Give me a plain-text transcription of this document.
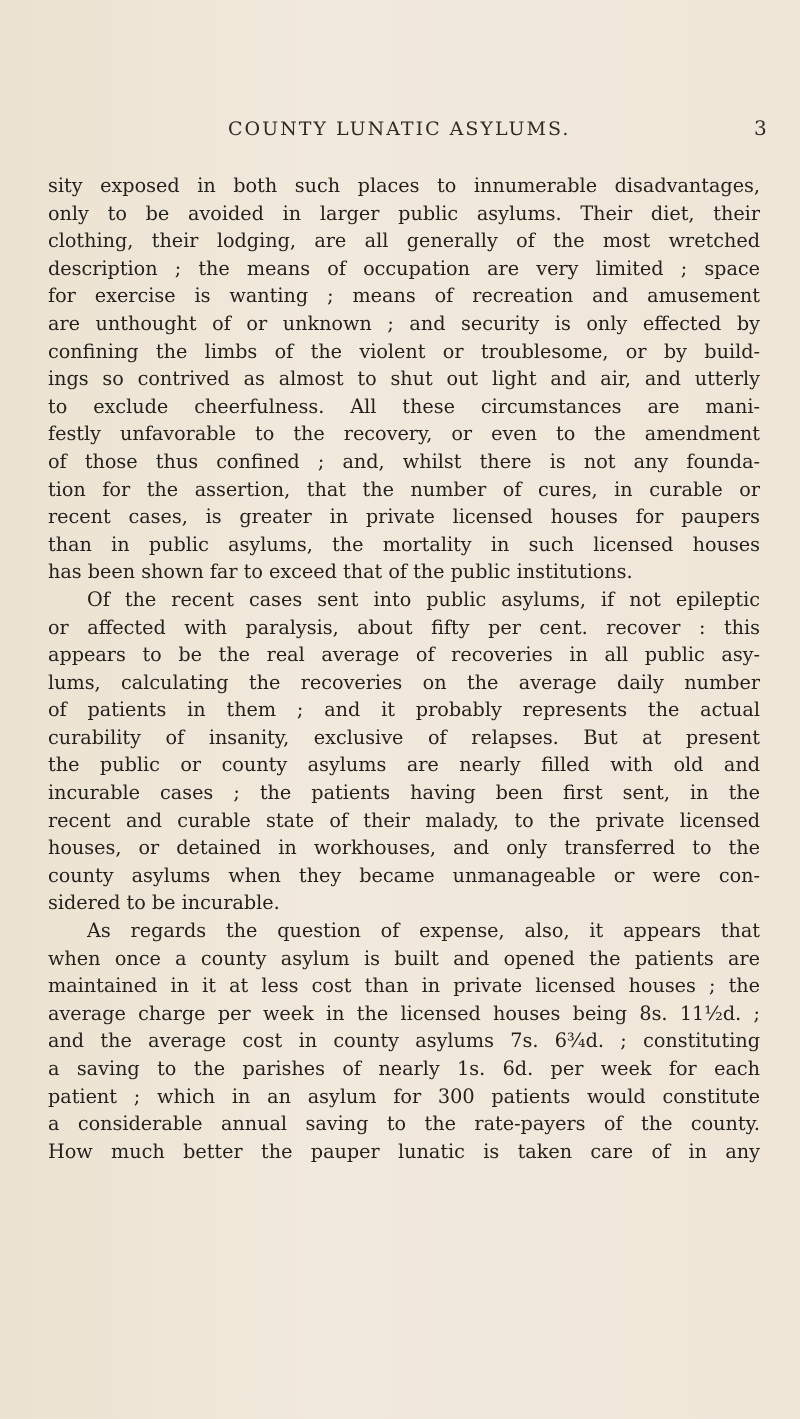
COUNTY LUNATIC ASYLUMS.	3
sity exposed in both such places to innumerable disadvantages,
only to be avoided in larger public asylums. Their diet, their
clothing, their lodging, are all generally of the most wretched
description ; the means of occupation are very limited ; space
for exercise is wanting ; means of recreation and amusement
are unthought of or unknown ; and security is only effected by
confining the limbs of the violent or troublesome, or by build-
ings so contrived as almost to shut out light and air, and utterly
to exclude cheerfulness. All these circumstances are mani-
festly unfavorable to the recovery, or even to the amendment
of those thus confined ; and, whilst there is not any founda-
tion for the assertion, that the number of cures, in curable or
recent cases, is greater in private licensed houses for paupers
than in public asylums, the mortality in such licensed houses
has been shown far to exceed that of the public institutions.
Of the recent cases sent into public asylums, if not epileptic
or affected with paralysis, about fifty per cent. recover : this
appears to be the real average of recoveries in all public asy-
lums, calculating the recoveries on the average daily number
of patients in them ; and it probably represents the actual
curability of insanity, exclusive of relapses. But at present
the public or county asylums are nearly filled with old and
incurable cases ; the patients having been first sent, in the
recent and curable state of their malady, to the private licensed
houses, or detained in workhouses, and only transferred to the
county asylums when they became unmanageable or were con-
sidered to be incurable.
As regards the question of expense, also, it appears that
when once a county asylum is built and opened the patients are
maintained in it at less cost than in private licensed houses ; the
average charge per week in the licensed houses being 8s. 11½d. ;
and the average cost in county asylums 7s. 6¾d. ; constituting
a saving to the parishes of nearly 1s. 6d. per week for each
patient ; which in an asylum for 300 patients would constitute
a considerable annual saving to the rate-payers of the county.
How much better the pauper lunatic is taken care of in any
